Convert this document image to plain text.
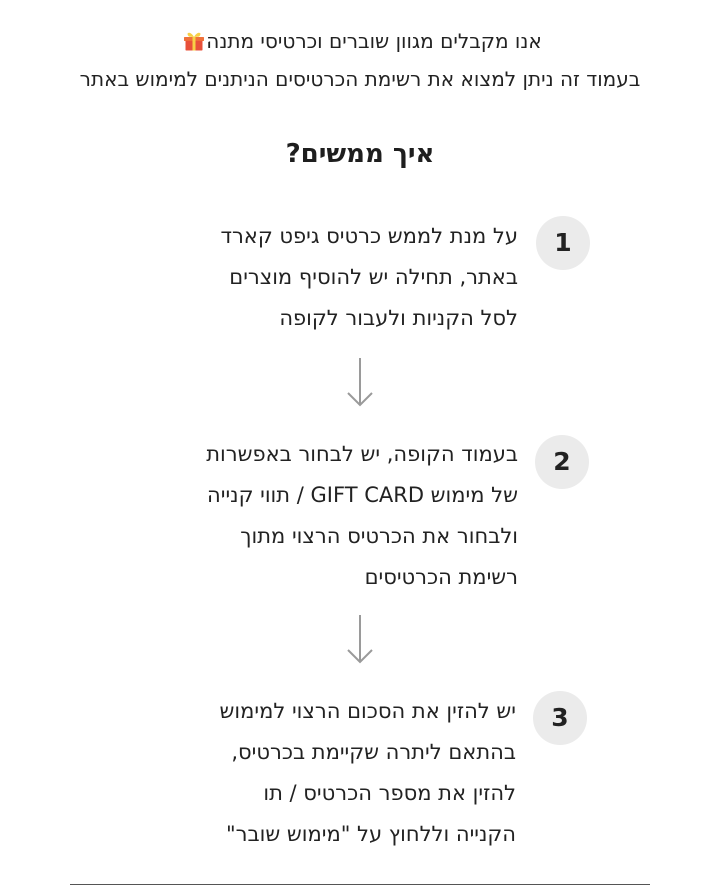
אנו מקבלים מגוון שוברים וכרטיסי מתנה
בעמוד זה ניתן למצוא את רשימת הכרטיסים הניתנים למימוש באתר
איך ממשים?
1
על מנת לממש כרטיס גיפט קארד
באתר, תחילה יש להוסיף מוצרים
לסל הקניות ולעבור לקופה
2
בעמוד הקופה, יש לבחור באפשרות
של מימוש GIFT CARD / תווי קנייה
ולבחור את הכרטיס הרצוי מתוך
רשימת הכרטיסים
3
יש להזין את הסכום הרצוי למימוש
בהתאם ליתרה שקיימת בכרטיס,
להזין את מספר הכרטיס / תו
הקנייה וללחוץ על "מימוש שובר"
